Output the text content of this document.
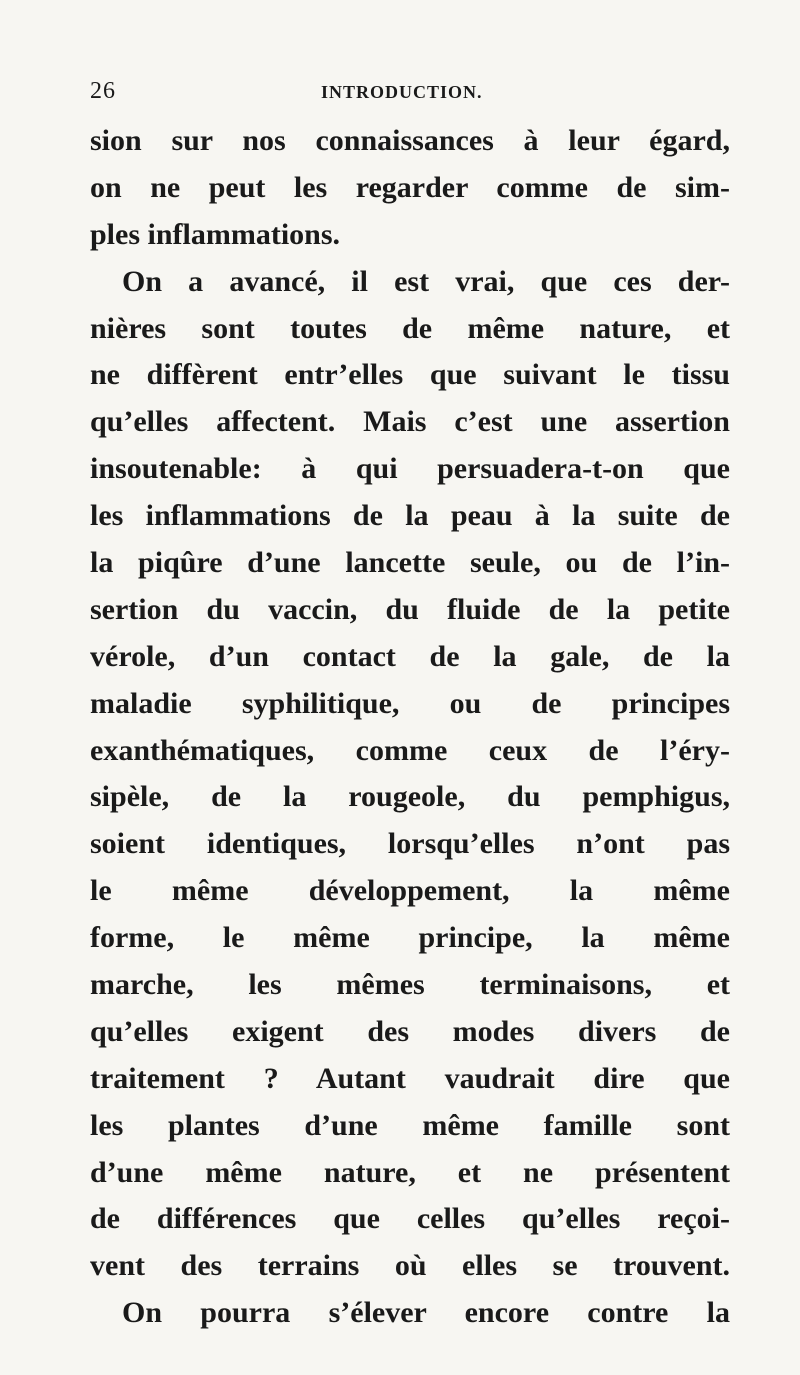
26	INTRODUCTION.
sion sur nos connaissances à leur égard,
on ne peut les regarder comme de sim-
ples inflammations.
On a avancé, il est vrai, que ces der-
nières sont toutes de même nature, et
ne diffèrent entr’elles que suivant le tissu
qu’elles affectent. Mais c’est une assertion
insoutenable: à qui persuadera-t-on que
les inflammations de la peau à la suite de
la piqûre d’une lancette seule, ou de l’in-
sertion du vaccin, du fluide de la petite
vérole, d’un contact de la gale, de la
maladie syphilitique, ou de principes
exanthématiques, comme ceux de l’éry-
sipèle, de la rougeole, du pemphigus,
soient identiques, lorsqu’elles n’ont pas
le même développement, la même
forme, le même principe, la même
marche, les mêmes terminaisons, et
qu’elles exigent des modes divers de
traitement ? Autant vaudrait dire que
les plantes d’une même famille sont
d’une même nature, et ne présentent
de différences que celles qu’elles reçoi-
vent des terrains où elles se trouvent.
On pourra s’élever encore contre la
